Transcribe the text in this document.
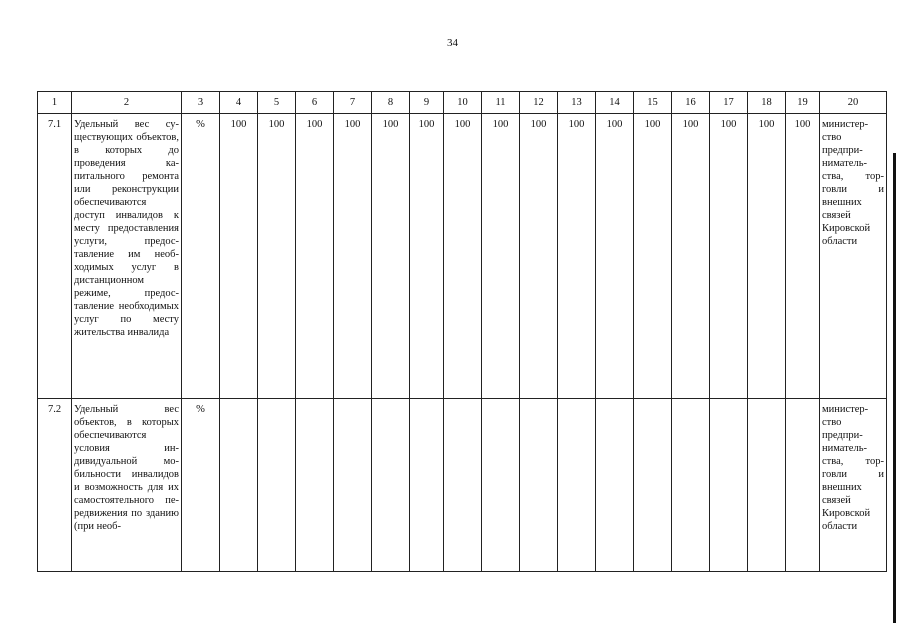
34
1	2	3	4	5	6	7	8	9	10	11	12	13	14	15	16	17	18	19	20
7.1	Удельный вес существующих объектов, в которых до проведения капитального ремонта или реконструкции обеспечиваются доступ инвалидов к месту предоставления услуги, предоставление им необходимых услуг в дистанционном режиме, предоставление необходимых услуг по месту жительства инвалида	%	100	100	100	100	100	100	100	100	100	100	100	100	100	100	100	100	министерство предпринимательства, торговли и внешних связей Кировской области
7.2	Удельный вес объектов, в которых обеспечиваются условия индивидуальной мобильности инвалидов и возможность для их самостоятельного передвижения по зданию (при необ-	%																	министерство предпринимательства, торговли и внешних связей Кировской области
